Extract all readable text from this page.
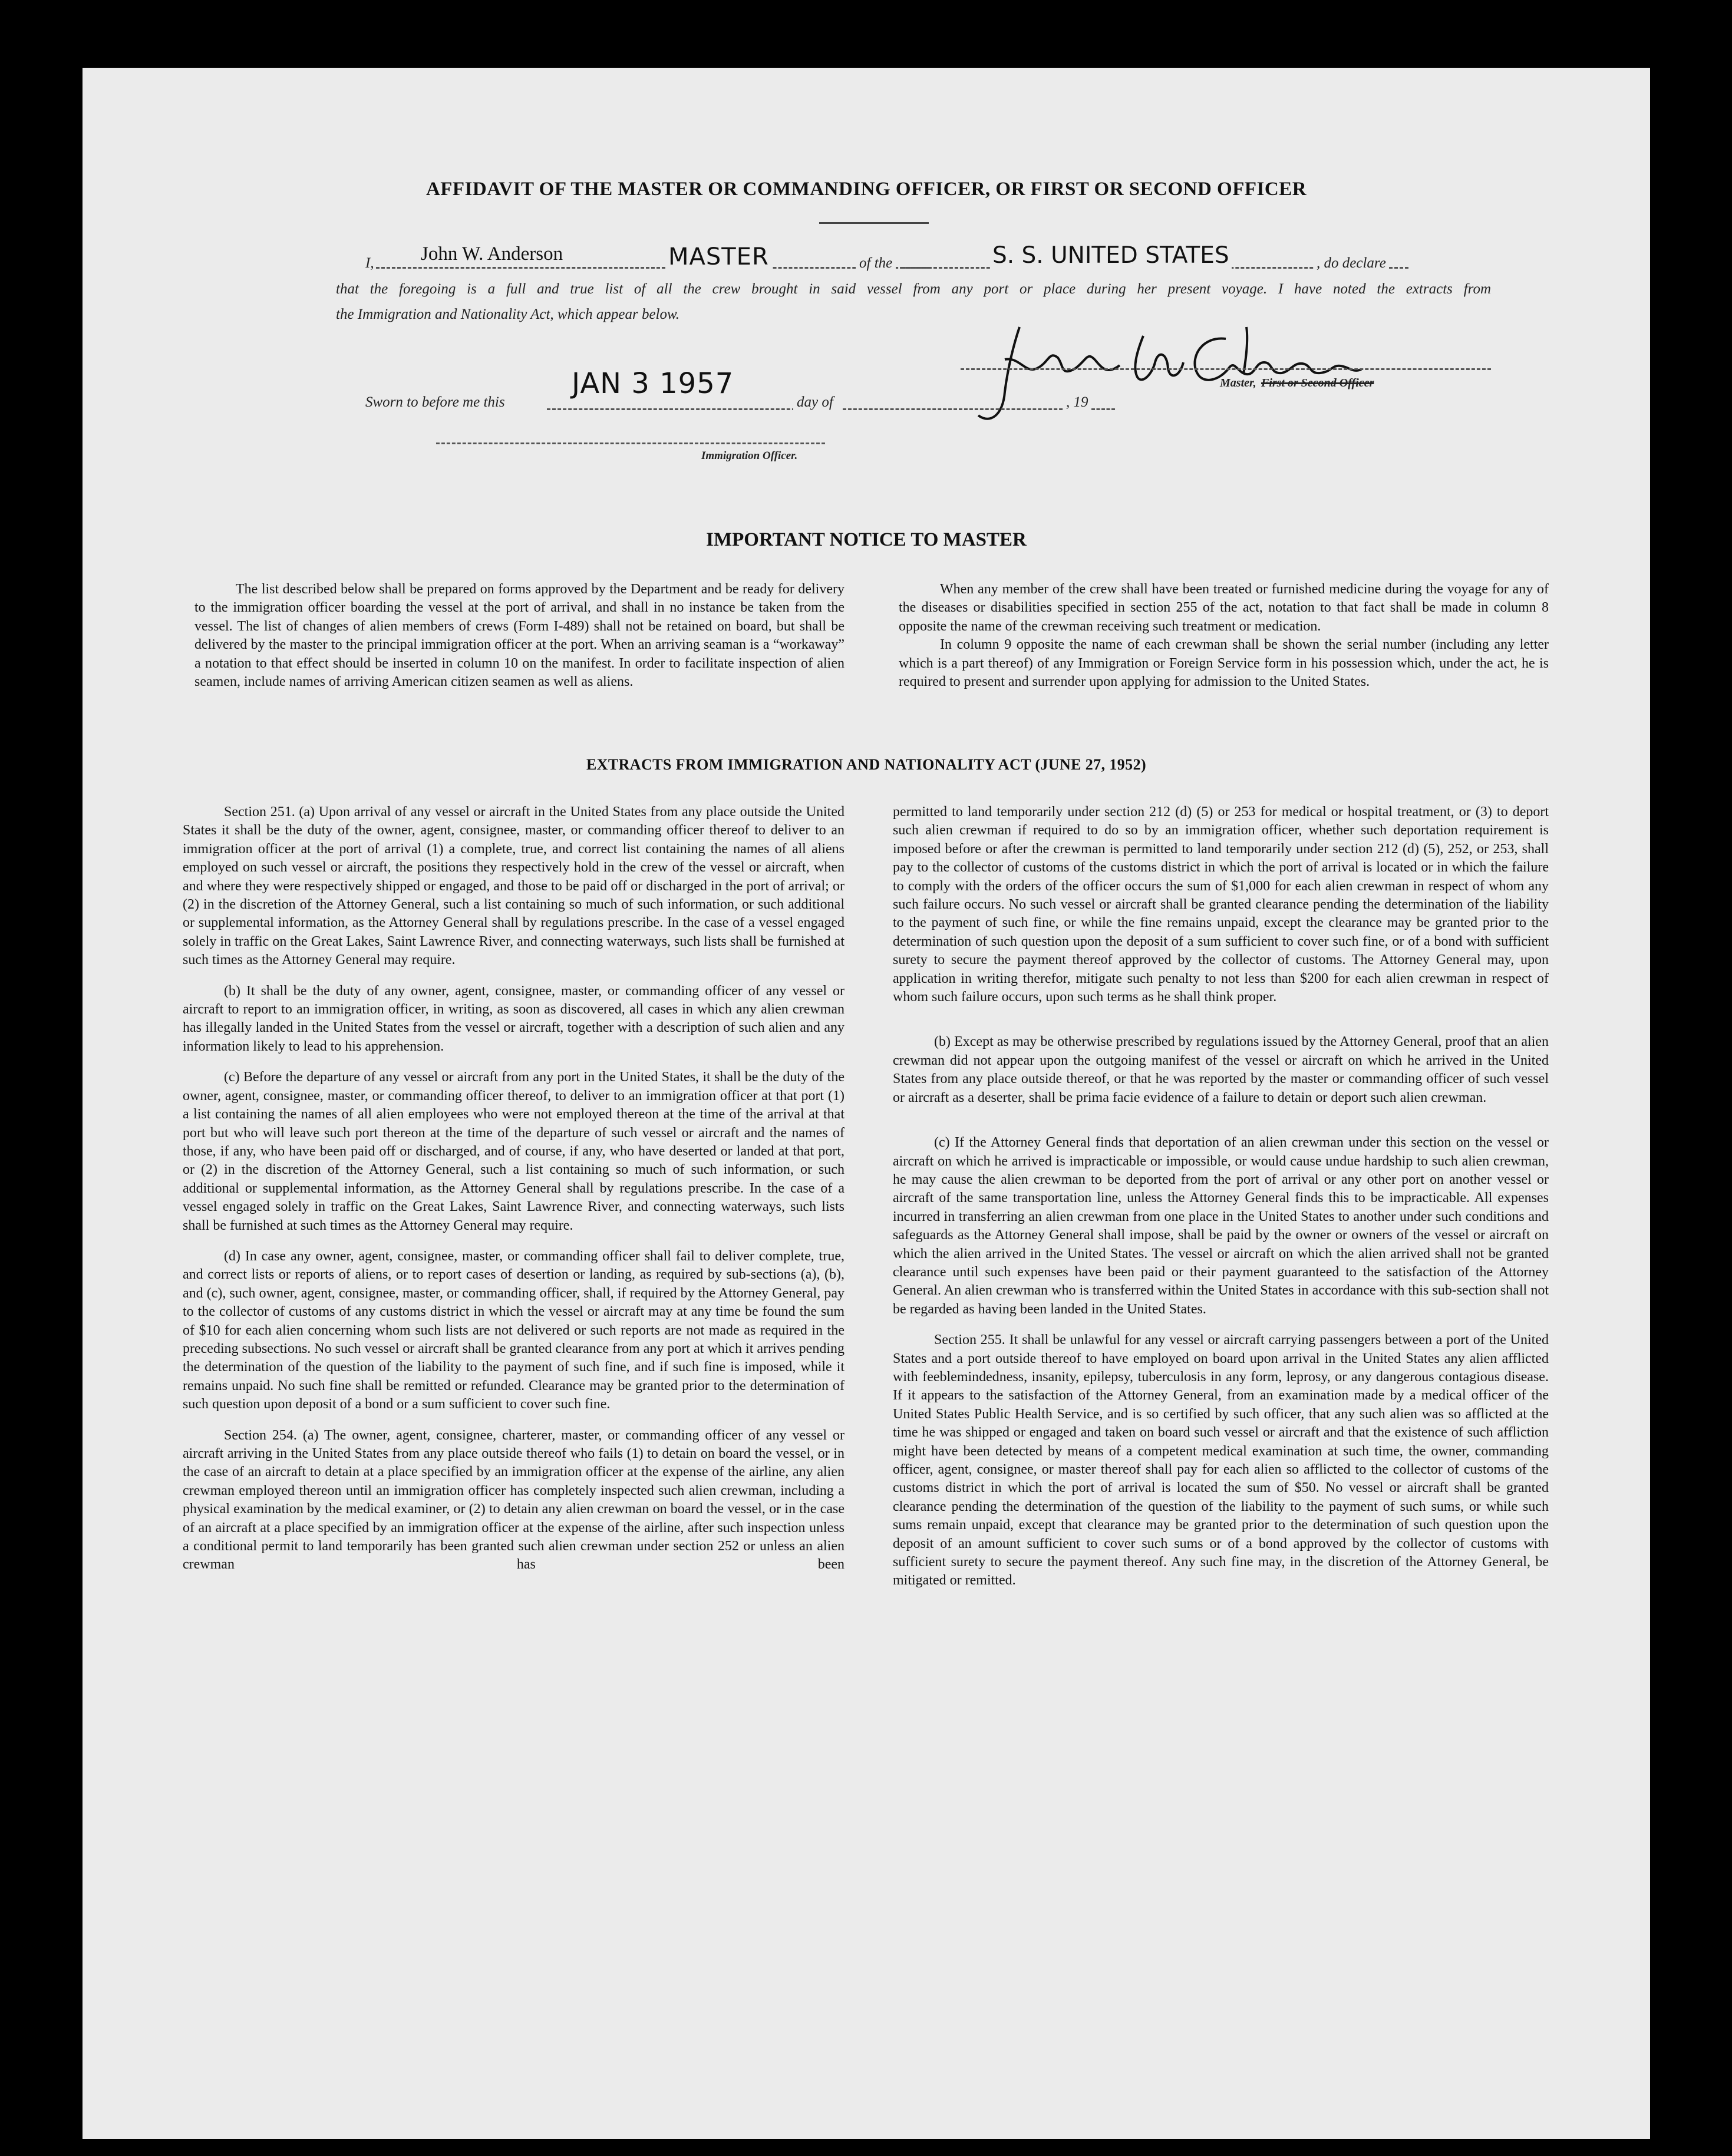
AFFIDAVIT OF THE MASTER OR COMMANDING OFFICER, OR FIRST OR SECOND OFFICER
I, John W. Anderson	MASTER	of the	S. S. UNITED STATES	, do declare
that the foregoing is a full and true list of all the crew brought in said vessel from any port or place during her present voyage. I have noted the extracts from
the Immigration and Nationality Act, which appear below.
Master, First or Second Officer
Sworn to before me this
JAN 3 1957
day of	, 19
Immigration Officer.
IMPORTANT NOTICE TO MASTER

The list described below shall be prepared on forms approved by the Department and be ready for delivery to the immigration officer boarding the vessel at the port of arrival, and shall in no instance be taken from the vessel. The list of changes of alien members of crews (Form I-489) shall not be retained on board, but shall be delivered by the master to the principal immigration officer at the port. When an arriving seaman is a “workaway” a notation to that effect should be inserted in column 10 on the manifest. In order to facilitate inspection of alien seamen, include names of arriving American citizen seamen as well as aliens.

When any member of the crew shall have been treated or furnished medicine during the voyage for any of the diseases or disabilities specified in section 255 of the act, notation to that fact shall be made in column 8 opposite the name of the crewman receiving such treatment or medication.

In column 9 opposite the name of each crewman shall be shown the serial number (including any letter which is a part thereof) of any Immigration or Foreign Service form in his possession which, under the act, he is required to present and surrender upon applying for admission to the United States.

EXTRACTS FROM IMMIGRATION AND NATIONALITY ACT (JUNE 27, 1952)

Section 251. (a) Upon arrival of any vessel or aircraft in the United States from any place outside the United States it shall be the duty of the owner, agent, consignee, master, or commanding officer thereof to deliver to an immigration officer at the port of arrival (1) a complete, true, and correct list containing the names of all aliens employed on such vessel or aircraft, the positions they respectively hold in the crew of the vessel or aircraft, when and where they were respectively shipped or engaged, and those to be paid off or discharged in the port of arrival; or (2) in the discretion of the Attorney General, such a list containing so much of such information, or such additional or supplemental information, as the Attorney General shall by regulations prescribe. In the case of a vessel engaged solely in traffic on the Great Lakes, Saint Lawrence River, and connecting waterways, such lists shall be furnished at such times as the Attorney General may require.

(b) It shall be the duty of any owner, agent, consignee, master, or commanding officer of any vessel or aircraft to report to an immigration officer, in writing, as soon as discovered, all cases in which any alien crewman has illegally landed in the United States from the vessel or aircraft, together with a description of such alien and any information likely to lead to his apprehension.

(c) Before the departure of any vessel or aircraft from any port in the United States, it shall be the duty of the owner, agent, consignee, master, or commanding officer thereof, to deliver to an immigration officer at that port (1) a list containing the names of all alien employees who were not employed thereon at the time of the arrival at that port but who will leave such port thereon at the time of the departure of such vessel or aircraft and the names of those, if any, who have been paid off or discharged, and of course, if any, who have deserted or landed at that port, or (2) in the discretion of the Attorney General, such a list containing so much of such information, or such additional or supplemental information, as the Attorney General shall by regulations prescribe. In the case of a vessel engaged solely in traffic on the Great Lakes, Saint Lawrence River, and connecting waterways, such lists shall be furnished at such times as the Attorney General may require.

(d) In case any owner, agent, consignee, master, or commanding officer shall fail to deliver complete, true, and correct lists or reports of aliens, or to report cases of desertion or landing, as required by sub-sections (a), (b), and (c), such owner, agent, consignee, master, or commanding officer, shall, if required by the Attorney General, pay to the collector of customs of any customs district in which the vessel or aircraft may at any time be found the sum of $10 for each alien concerning whom such lists are not delivered or such reports are not made as required in the preceding subsections. No such vessel or aircraft shall be granted clearance from any port at which it arrives pending the determination of the question of the liability to the payment of such fine, and if such fine is imposed, while it remains unpaid. No such fine shall be remitted or refunded. Clearance may be granted prior to the determination of such question upon deposit of a bond or a sum sufficient to cover such fine.

Section 254. (a) The owner, agent, consignee, charterer, master, or commanding officer of any vessel or aircraft arriving in the United States from any place outside thereof who fails (1) to detain on board the vessel, or in the case of an aircraft to detain at a place specified by an immigration officer at the expense of the airline, any alien crewman employed thereon until an immigration officer has completely inspected such alien crewman, including a physical examination by the medical examiner, or (2) to detain any alien crewman on board the vessel, or in the case of an aircraft at a place specified by an immigration officer at the expense of the airline, after such inspection unless a conditional permit to land temporarily has been granted such alien crewman under section 252 or unless an alien crewman has been

permitted to land temporarily under section 212 (d) (5) or 253 for medical or hospital treatment, or (3) to deport such alien crewman if required to do so by an immigration officer, whether such deportation requirement is imposed before or after the crewman is permitted to land temporarily under section 212 (d) (5), 252, or 253, shall pay to the collector of customs of the customs district in which the port of arrival is located or in which the failure to comply with the orders of the officer occurs the sum of $1,000 for each alien crewman in respect of whom any such failure occurs. No such vessel or aircraft shall be granted clearance pending the determination of the liability to the payment of such fine, or while the fine remains unpaid, except the clearance may be granted prior to the determination of such question upon the deposit of a sum sufficient to cover such fine, or of a bond with sufficient surety to secure the payment thereof approved by the collector of customs. The Attorney General may, upon application in writing therefor, mitigate such penalty to not less than $200 for each alien crewman in respect of whom such failure occurs, upon such terms as he shall think proper.

(b) Except as may be otherwise prescribed by regulations issued by the Attorney General, proof that an alien crewman did not appear upon the outgoing manifest of the vessel or aircraft on which he arrived in the United States from any place outside thereof, or that he was reported by the master or commanding officer of such vessel or aircraft as a deserter, shall be prima facie evidence of a failure to detain or deport such alien crewman.

(c) If the Attorney General finds that deportation of an alien crewman under this section on the vessel or aircraft on which he arrived is impracticable or impossible, or would cause undue hardship to such alien crewman, he may cause the alien crewman to be deported from the port of arrival or any other port on another vessel or aircraft of the same transportation line, unless the Attorney General finds this to be impracticable. All expenses incurred in transferring an alien crewman from one place in the United States to another under such conditions and safeguards as the Attorney General shall impose, shall be paid by the owner or owners of the vessel or aircraft on which the alien arrived in the United States. The vessel or aircraft on which the alien arrived shall not be granted clearance until such expenses have been paid or their payment guaranteed to the satisfaction of the Attorney General. An alien crewman who is transferred within the United States in accordance with this sub-section shall not be regarded as having been landed in the United States.

Section 255. It shall be unlawful for any vessel or aircraft carrying passengers between a port of the United States and a port outside thereof to have employed on board upon arrival in the United States any alien afflicted with feeblemindedness, insanity, epilepsy, tuberculosis in any form, leprosy, or any dangerous contagious disease. If it appears to the satisfaction of the Attorney General, from an examination made by a medical officer of the United States Public Health Service, and is so certified by such officer, that any such alien was so afflicted at the time he was shipped or engaged and taken on board such vessel or aircraft and that the existence of such affliction might have been detected by means of a competent medical examination at such time, the owner, commanding officer, agent, consignee, or master thereof shall pay for each alien so afflicted to the collector of customs of the customs district in which the port of arrival is located the sum of $50. No vessel or aircraft shall be granted clearance pending the determination of the question of the liability to the payment of such sums, or while such sums remain unpaid, except that clearance may be granted prior to the determination of such question upon the deposit of an amount sufficient to cover such sums or of a bond approved by the collector of customs with sufficient surety to secure the payment thereof. Any such fine may, in the discretion of the Attorney General, be mitigated or remitted.
